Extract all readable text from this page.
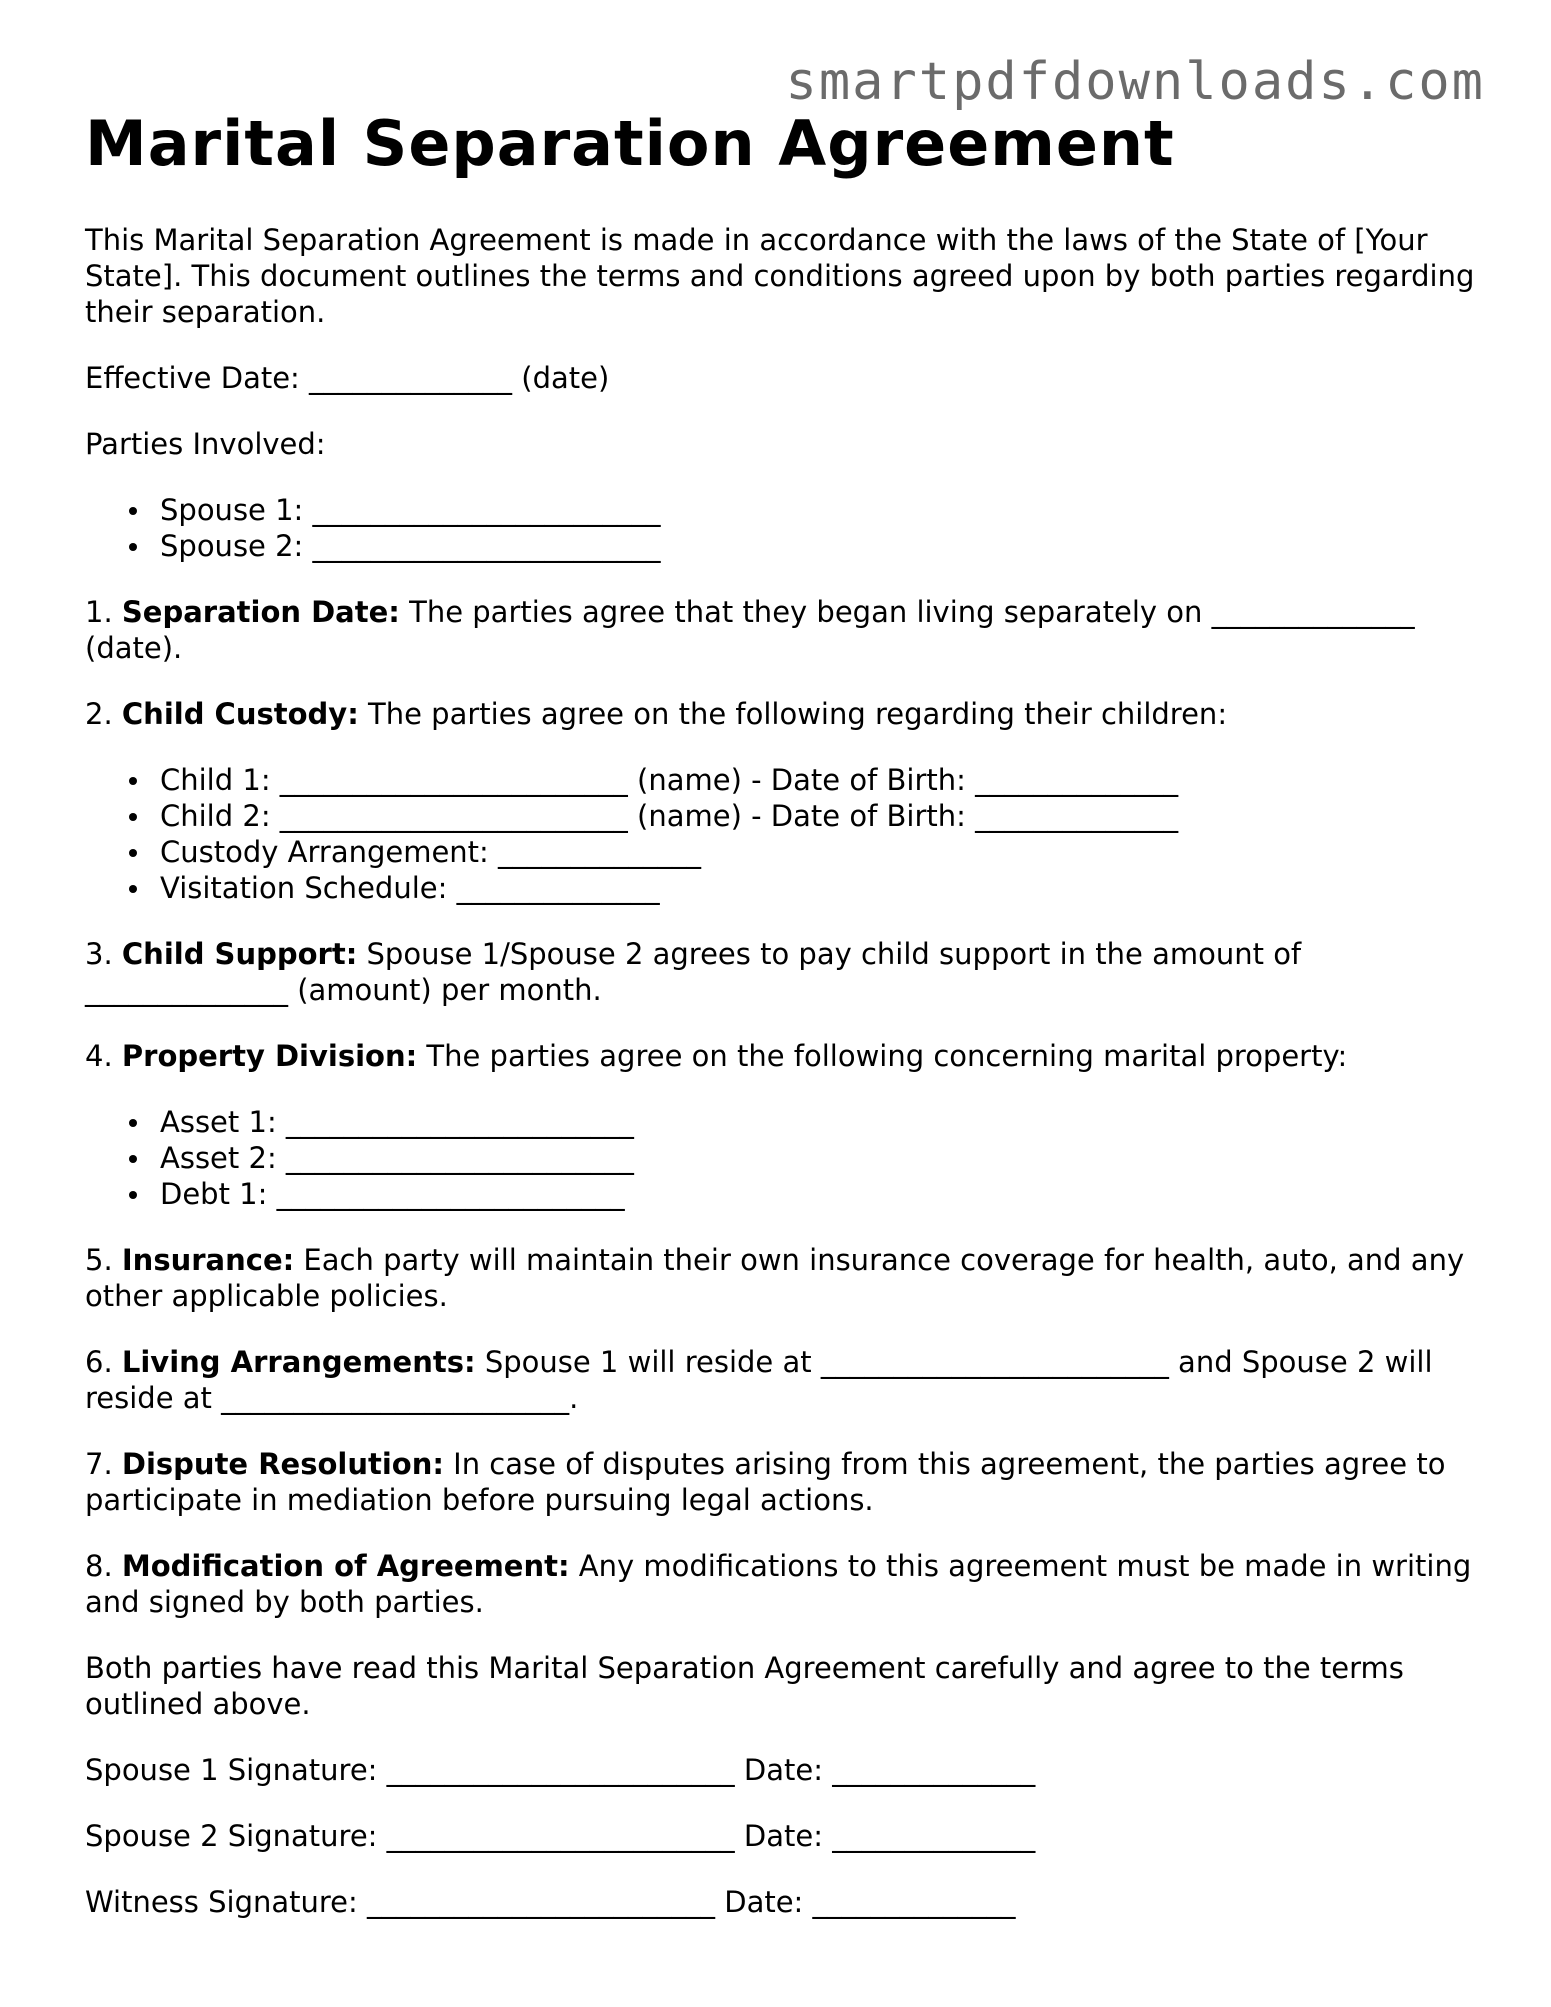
smartpdfdownloads.com
Marital Separation Agreement

This Marital Separation Agreement is made in accordance with the laws of the State of [Your State]. This document outlines the terms and conditions agreed upon by both parties regarding their separation.

Effective Date: ______________ (date)

Parties Involved:

Spouse 1: ________________________
Spouse 2: ________________________

1. Separation Date: The parties agree that they began living separately on ______________ (date).

2. Child Custody: The parties agree on the following regarding their children:

Child 1: ________________________ (name) - Date of Birth: ______________
Child 2: ________________________ (name) - Date of Birth: ______________
Custody Arrangement: ______________
Visitation Schedule: ______________

3. Child Support: Spouse 1/Spouse 2 agrees to pay child support in the amount of ______________ (amount) per month.

4. Property Division: The parties agree on the following concerning marital property:

Asset 1: ________________________
Asset 2: ________________________
Debt 1: ________________________

5. Insurance: Each party will maintain their own insurance coverage for health, auto, and any other applicable policies.

6. Living Arrangements: Spouse 1 will reside at ________________________ and Spouse 2 will reside at ________________________.

7. Dispute Resolution: In case of disputes arising from this agreement, the parties agree to participate in mediation before pursuing legal actions.

8. Modification of Agreement: Any modifications to this agreement must be made in writing and signed by both parties.

Both parties have read this Marital Separation Agreement carefully and agree to the terms outlined above.

Spouse 1 Signature: ________________________ Date: ______________

Spouse 2 Signature: ________________________ Date: ______________

Witness Signature: ________________________ Date: ______________
